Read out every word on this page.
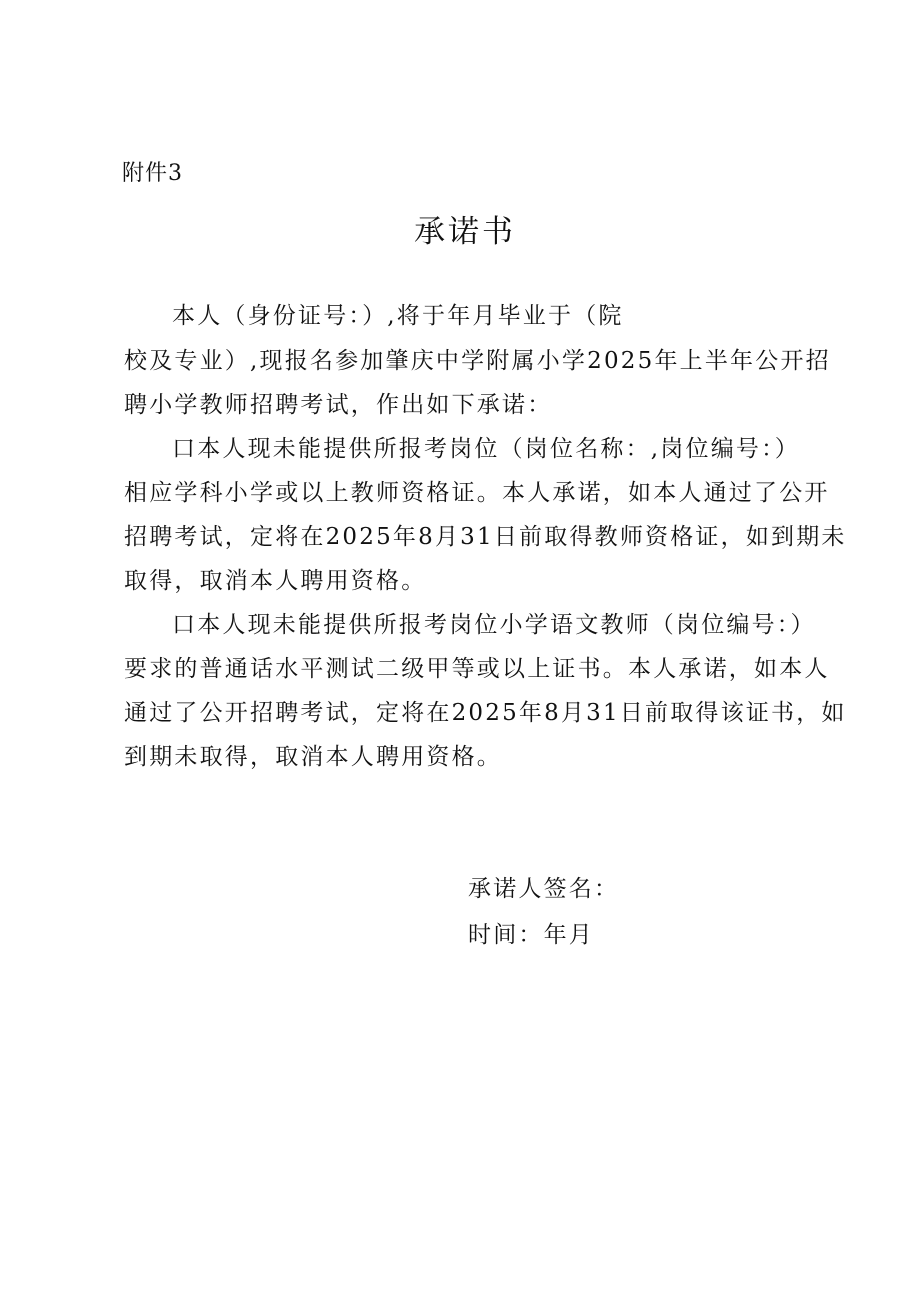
附件3
承诺书
本人（身份证号：）,将于年月毕业于（院
校及专业）,现报名参加肇庆中学附属小学2025年上半年公开招
聘小学教师招聘考试，作出如下承诺：
口本人现未能提供所报考岗位（岗位名称：,岗位编号：）
相应学科小学或以上教师资格证。本人承诺，如本人通过了公开
招聘考试，定将在2025年8月31日前取得教师资格证，如到期未
取得，取消本人聘用资格。
口本人现未能提供所报考岗位小学语文教师（岗位编号：）
要求的普通话水平测试二级甲等或以上证书。本人承诺，如本人
通过了公开招聘考试，定将在2025年8月31日前取得该证书，如
到期未取得，取消本人聘用资格。
承诺人签名：
时间：年月
